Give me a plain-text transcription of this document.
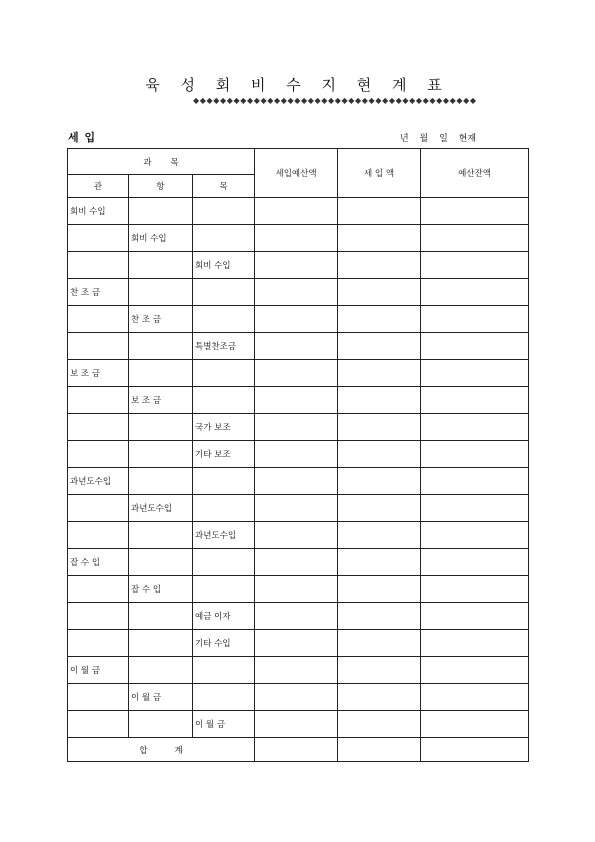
육 성 회 비 수 지 현 계 표
◆◆◆◆◆◆◆◆◆◆◆◆◆◆◆◆◆◆◆◆◆◆◆◆◆◆◆◆◆◆◆◆◆◆◆◆◆◆◆◆◆◆
세 입	년 월 일 현재
과       목			세입예산액	세 입 액	예산잔액
관	항	목			
회비 수입					
	회비 수입				
		회비 수입			
찬 조 금					
	찬 조 금				
		특별찬조금			
보 조 금					
	보 조 금				
		국가 보조			
		기타 보조			
과년도수입					
	과년도수입				
		과년도수입			
잡 수 입					
	잡 수 입				
		예금 이자			
		기타 수입			
이 월 금					
	이 월 금				
		이 월 금			
합          계					
